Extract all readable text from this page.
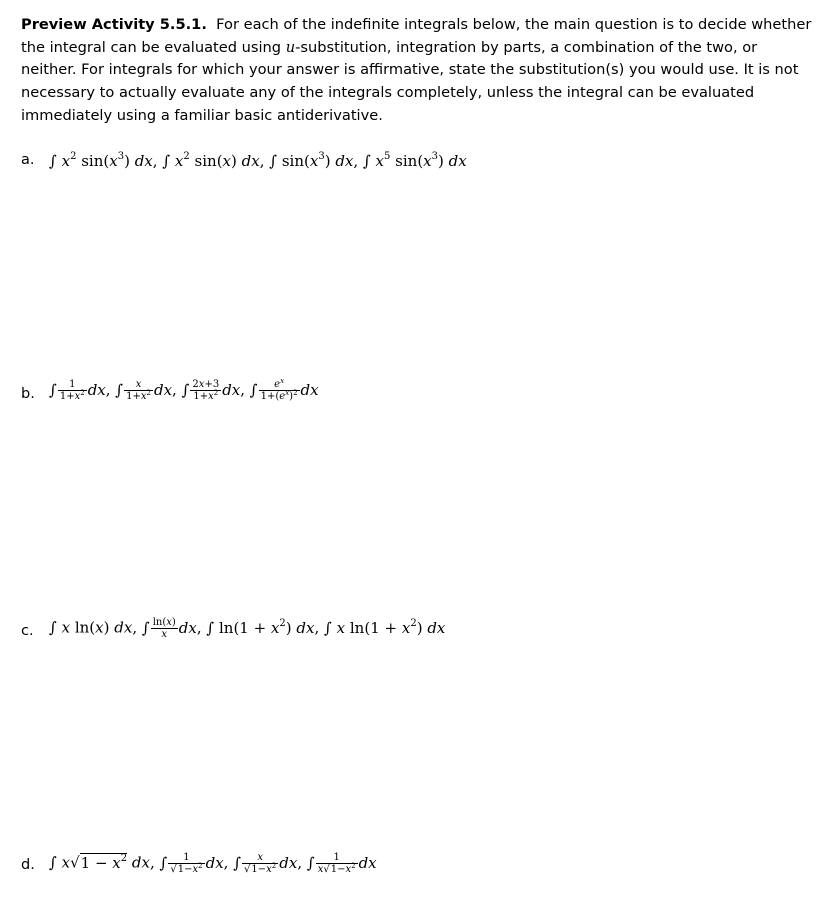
Preview Activity 5.5.1. For each of the indefinite integrals below, the main question is to decide whether the integral can be evaluated using u-substitution, integration by parts, a combination of the two, or neither. For integrals for which your answer is affirmative, state the substitution(s) you would use. It is not necessary to actually evaluate any of the integrals completely, unless the integral can be evaluated immediately using a familiar basic antiderivative.
a. ∫ $x^2$ $\sin(x^3)$ dx, ∫ $x^2$ sin(x) dx, ∫ $\sin(x^3)$ dx, ∫ $x^5$ $\sin(x^3)$ dx
b. ∫ $\frac{1}{1+x^2}$ dx, ∫ $\frac{x}{1+x^2}$ dx, ∫ $\frac{2x+3}{1+x^2}$ dx, ∫ $\frac{e^x}{1+(e^x)^2}$ dx
c. ∫ x ln(x) dx, ∫ $\frac{\ln(x)}{x}$ dx, ∫ $\ln(1 + x^2)$ dx, ∫ x $\ln(1 + x^2)$ dx
d. ∫ $x√1 - x^2$ dx, ∫ $\frac{1}{√1-x^2}$ dx, ∫ $\frac{x}{√1-x^2}$ dx, ∫ $\frac{1}{x√1-x^2}$ dx
